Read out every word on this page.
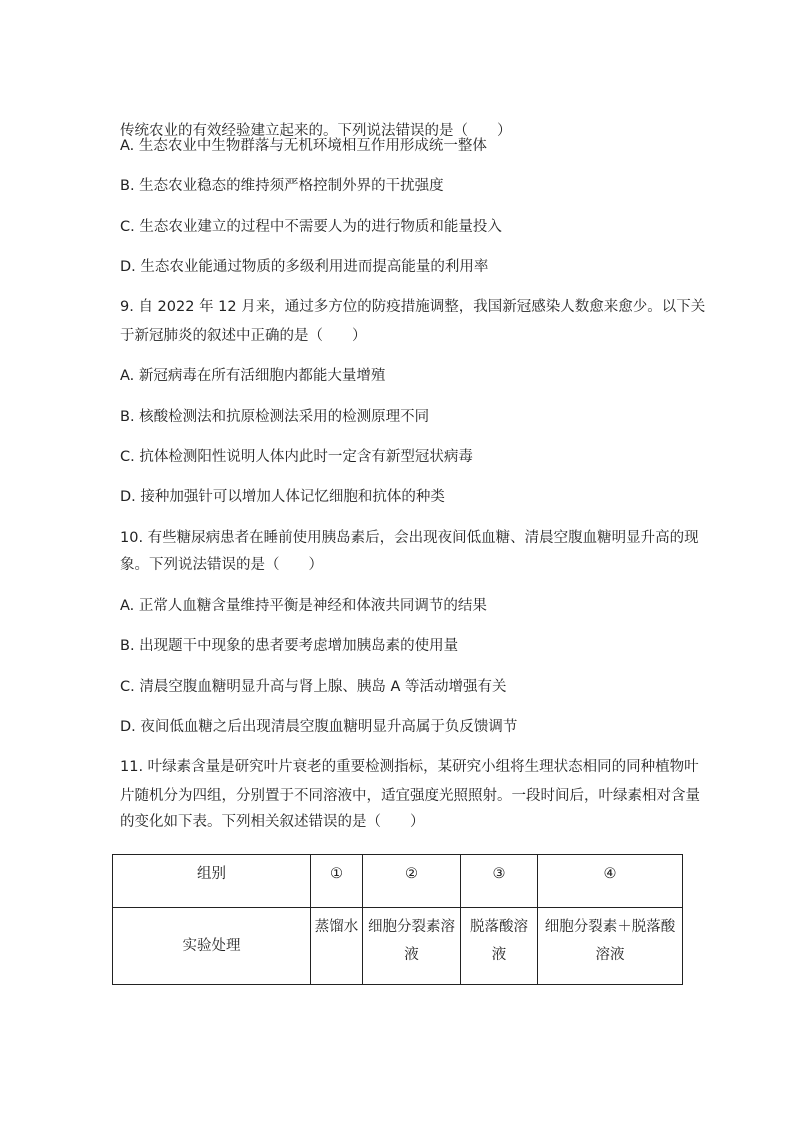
传统农业的有效经验建立起来的。下列说法错误的是（　　）
A. 生态农业中生物群落与无机环境相互作用形成统一整体
B. 生态农业稳态的维持须严格控制外界的干扰强度
C. 生态农业建立的过程中不需要人为的进行物质和能量投入
D. 生态农业能通过物质的多级利用进而提高能量的利用率
9. 自 2022 年 12 月来，通过多方位的防疫措施调整，我国新冠感染人数愈来愈少。以下关
于新冠肺炎的叙述中正确的是（　　）
A. 新冠病毒在所有活细胞内都能大量增殖
B. 核酸检测法和抗原检测法采用的检测原理不同
C. 抗体检测阳性说明人体内此时一定含有新型冠状病毒
D. 接种加强针可以增加人体记忆细胞和抗体的种类
10. 有些糖尿病患者在睡前使用胰岛素后，会出现夜间低血糖、清晨空腹血糖明显升高的现
象。下列说法错误的是（　　）
A. 正常人血糖含量维持平衡是神经和体液共同调节的结果
B. 出现题干中现象的患者要考虑增加胰岛素的使用量
C. 清晨空腹血糖明显升高与肾上腺、胰岛 A 等活动增强有关
D. 夜间低血糖之后出现清晨空腹血糖明显升高属于负反馈调节
11. 叶绿素含量是研究叶片衰老的重要检测指标，某研究小组将生理状态相同的同种植物叶
片随机分为四组，分别置于不同溶液中，适宜强度光照照射。一段时间后，叶绿素相对含量
的变化如下表。下列相关叙述错误的是（　　）
组别	①	②	③	④
实验处理	蒸馏水	细胞分裂素溶液	脱落酸溶液	细胞分裂素＋脱落酸溶液
